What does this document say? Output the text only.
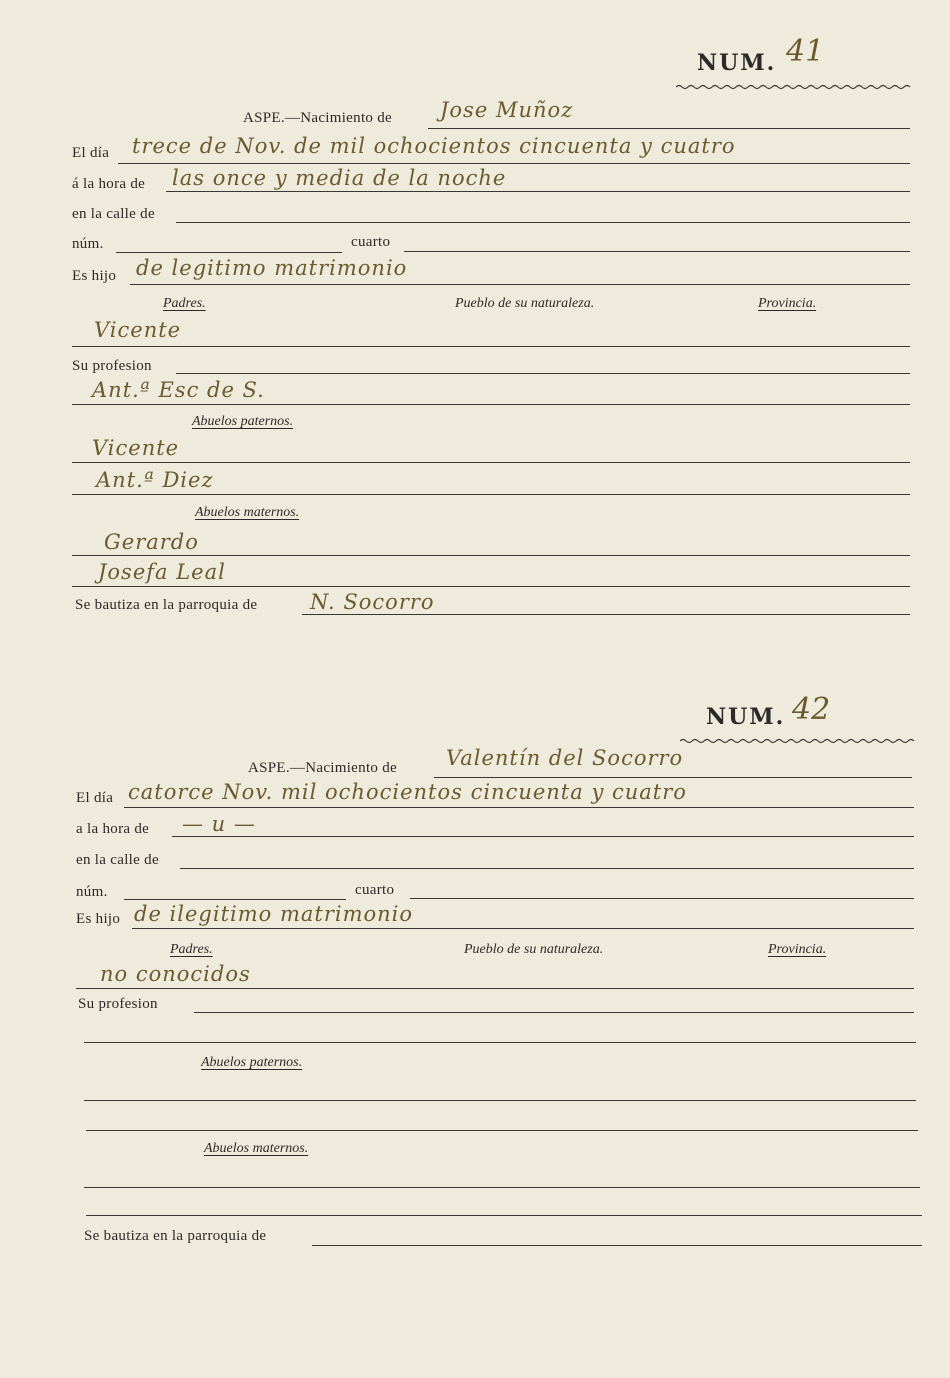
NUM. 41
ASPE.—Nacimiento de Jose Muñoz
El día trece de Nov. de mil ochocientos cincuenta y cuatro
á la hora de las once y media de la noche
en la calle de
núm.	cuarto
Es hijo de legitimo matrimonio
Padres.	Pueblo de su naturaleza.	Provincia.
Vicente
Su profesion
Ant.ª Esc de S.
Abuelos paternos.
Vicente
Ant.ª Diez
Abuelos maternos.
Gerardo
Josefa Leal
Se bautiza en la parroquia de	N. Socorro
NUM. 42
ASPE.—Nacimiento de Valentín del Socorro
El día catorce Nov. mil ochocientos cincuenta y cuatro
a la hora de — u —
en la calle de
núm.	cuarto
Es hijo de ilegitimo matrimonio
Padres.	Pueblo de su naturaleza.	Provincia.
no conocidos
Su profesion
Abuelos paternos.
Abuelos maternos.
Se bautiza en la parroquia de
